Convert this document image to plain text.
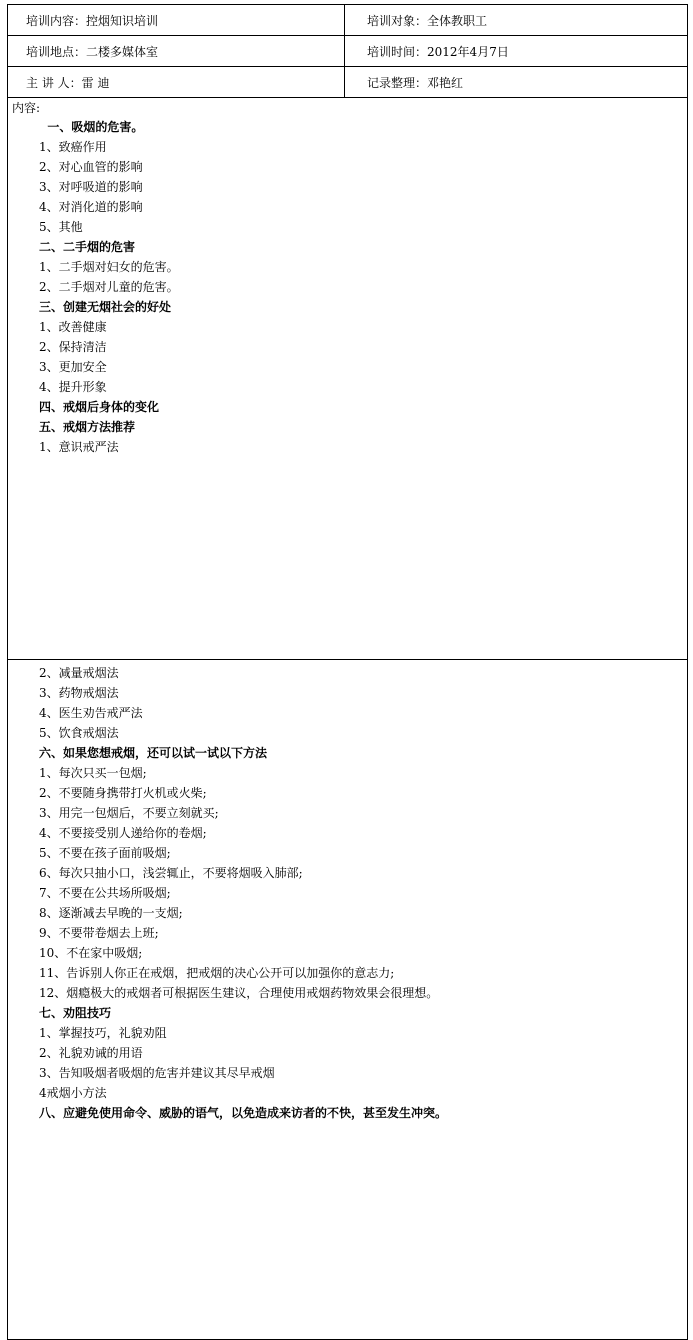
培训内容： 控烟知识培训	培训对象： 全体教职工
培训地点： 二楼多媒体室	培训时间： 2012年4月7日
主 讲 人： 雷 迪	记录整理： 邓艳红
内容:
一、吸烟的危害。
1、致癌作用
2、对心血管的影响
3、对呼吸道的影响
4、对消化道的影响
5、其他
二、二手烟的危害
1、二手烟对妇女的危害。
2、二手烟对儿童的危害。
三、创建无烟社会的好处
1、改善健康
2、保持清洁
3、更加安全
4、提升形象
四、戒烟后身体的变化
五、戒烟方法推荐
1、意识戒严法
2、减量戒烟法
3、药物戒烟法
4、医生劝告戒严法
5、饮食戒烟法
六、如果您想戒烟，还可以试一试以下方法
1、每次只买一包烟;
2、不要随身携带打火机或火柴;
3、用完一包烟后，不要立刻就买;
4、不要接受别人递给你的卷烟;
5、不要在孩子面前吸烟;
6、每次只抽小口，浅尝辄止，不要将烟吸入肺部;
7、不要在公共场所吸烟;
8、逐渐减去早晚的一支烟;
9、不要带卷烟去上班;
10、不在家中吸烟;
11、告诉别人你正在戒烟，把戒烟的决心公开可以加强你的意志力;
12、烟瘾极大的戒烟者可根据医生建议，合理使用戒烟药物效果会很理想。
七、劝阻技巧
1、掌握技巧，礼貌劝阻
2、礼貌劝诫的用语
3、告知吸烟者吸烟的危害并建议其尽早戒烟
4戒烟小方法
八、应避免使用命令、威胁的语气，以免造成来访者的不快，甚至发生冲突。
